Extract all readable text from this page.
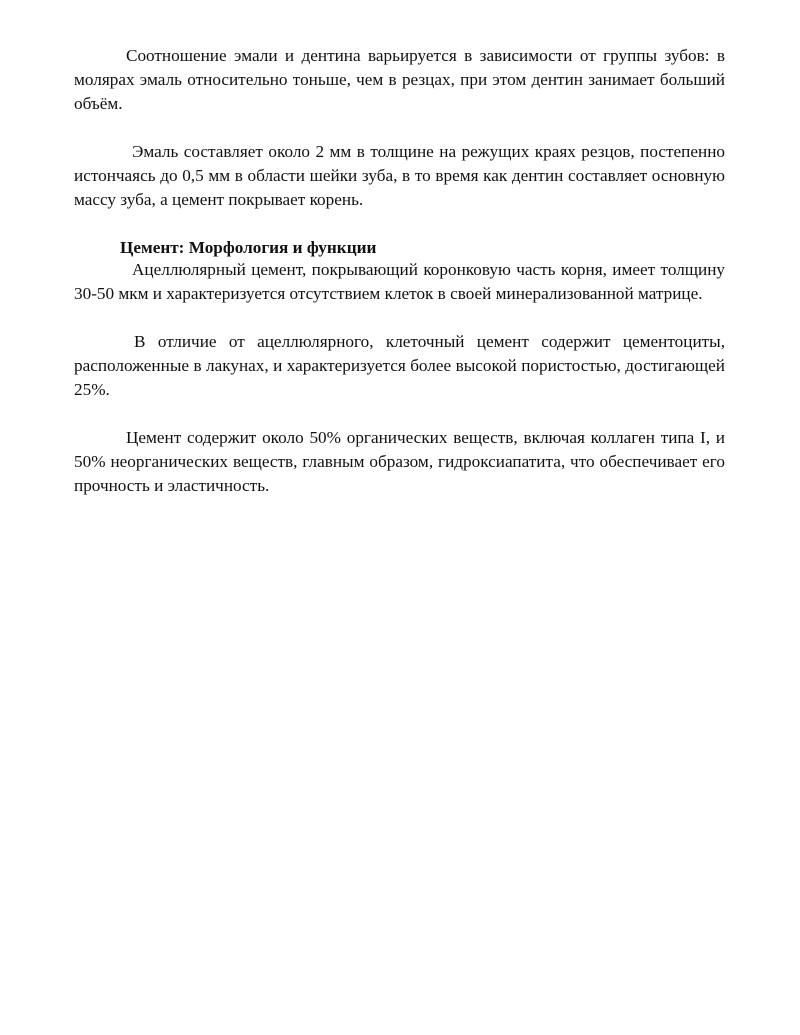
Соотношение эмали и дентина варьируется в зависимости от группы зубов: в молярах эмаль относительно тоньше, чем в резцах, при этом дентин занимает больший объём.

Эмаль составляет около 2 мм в толщине на режущих краях резцов, постепенно истончаясь до 0,5 мм в области шейки зуба, в то время как дентин составляет основную массу зуба, а цемент покрывает корень.

Цемент: Морфология и функции

Ацеллюлярный цемент, покрывающий коронковую часть корня, имеет толщину 30-50 мкм и характеризуется отсутствием клеток в своей минерализованной матрице.

В отличие от ацеллюлярного, клеточный цемент содержит цементоциты, расположенные в лакунах, и характеризуется более высокой пористостью, достигающей 25%.

Цемент содержит около 50% органических веществ, включая коллаген типа I, и 50% неорганических веществ, главным образом, гидроксиапатита, что обеспечивает его прочность и эластичность.
